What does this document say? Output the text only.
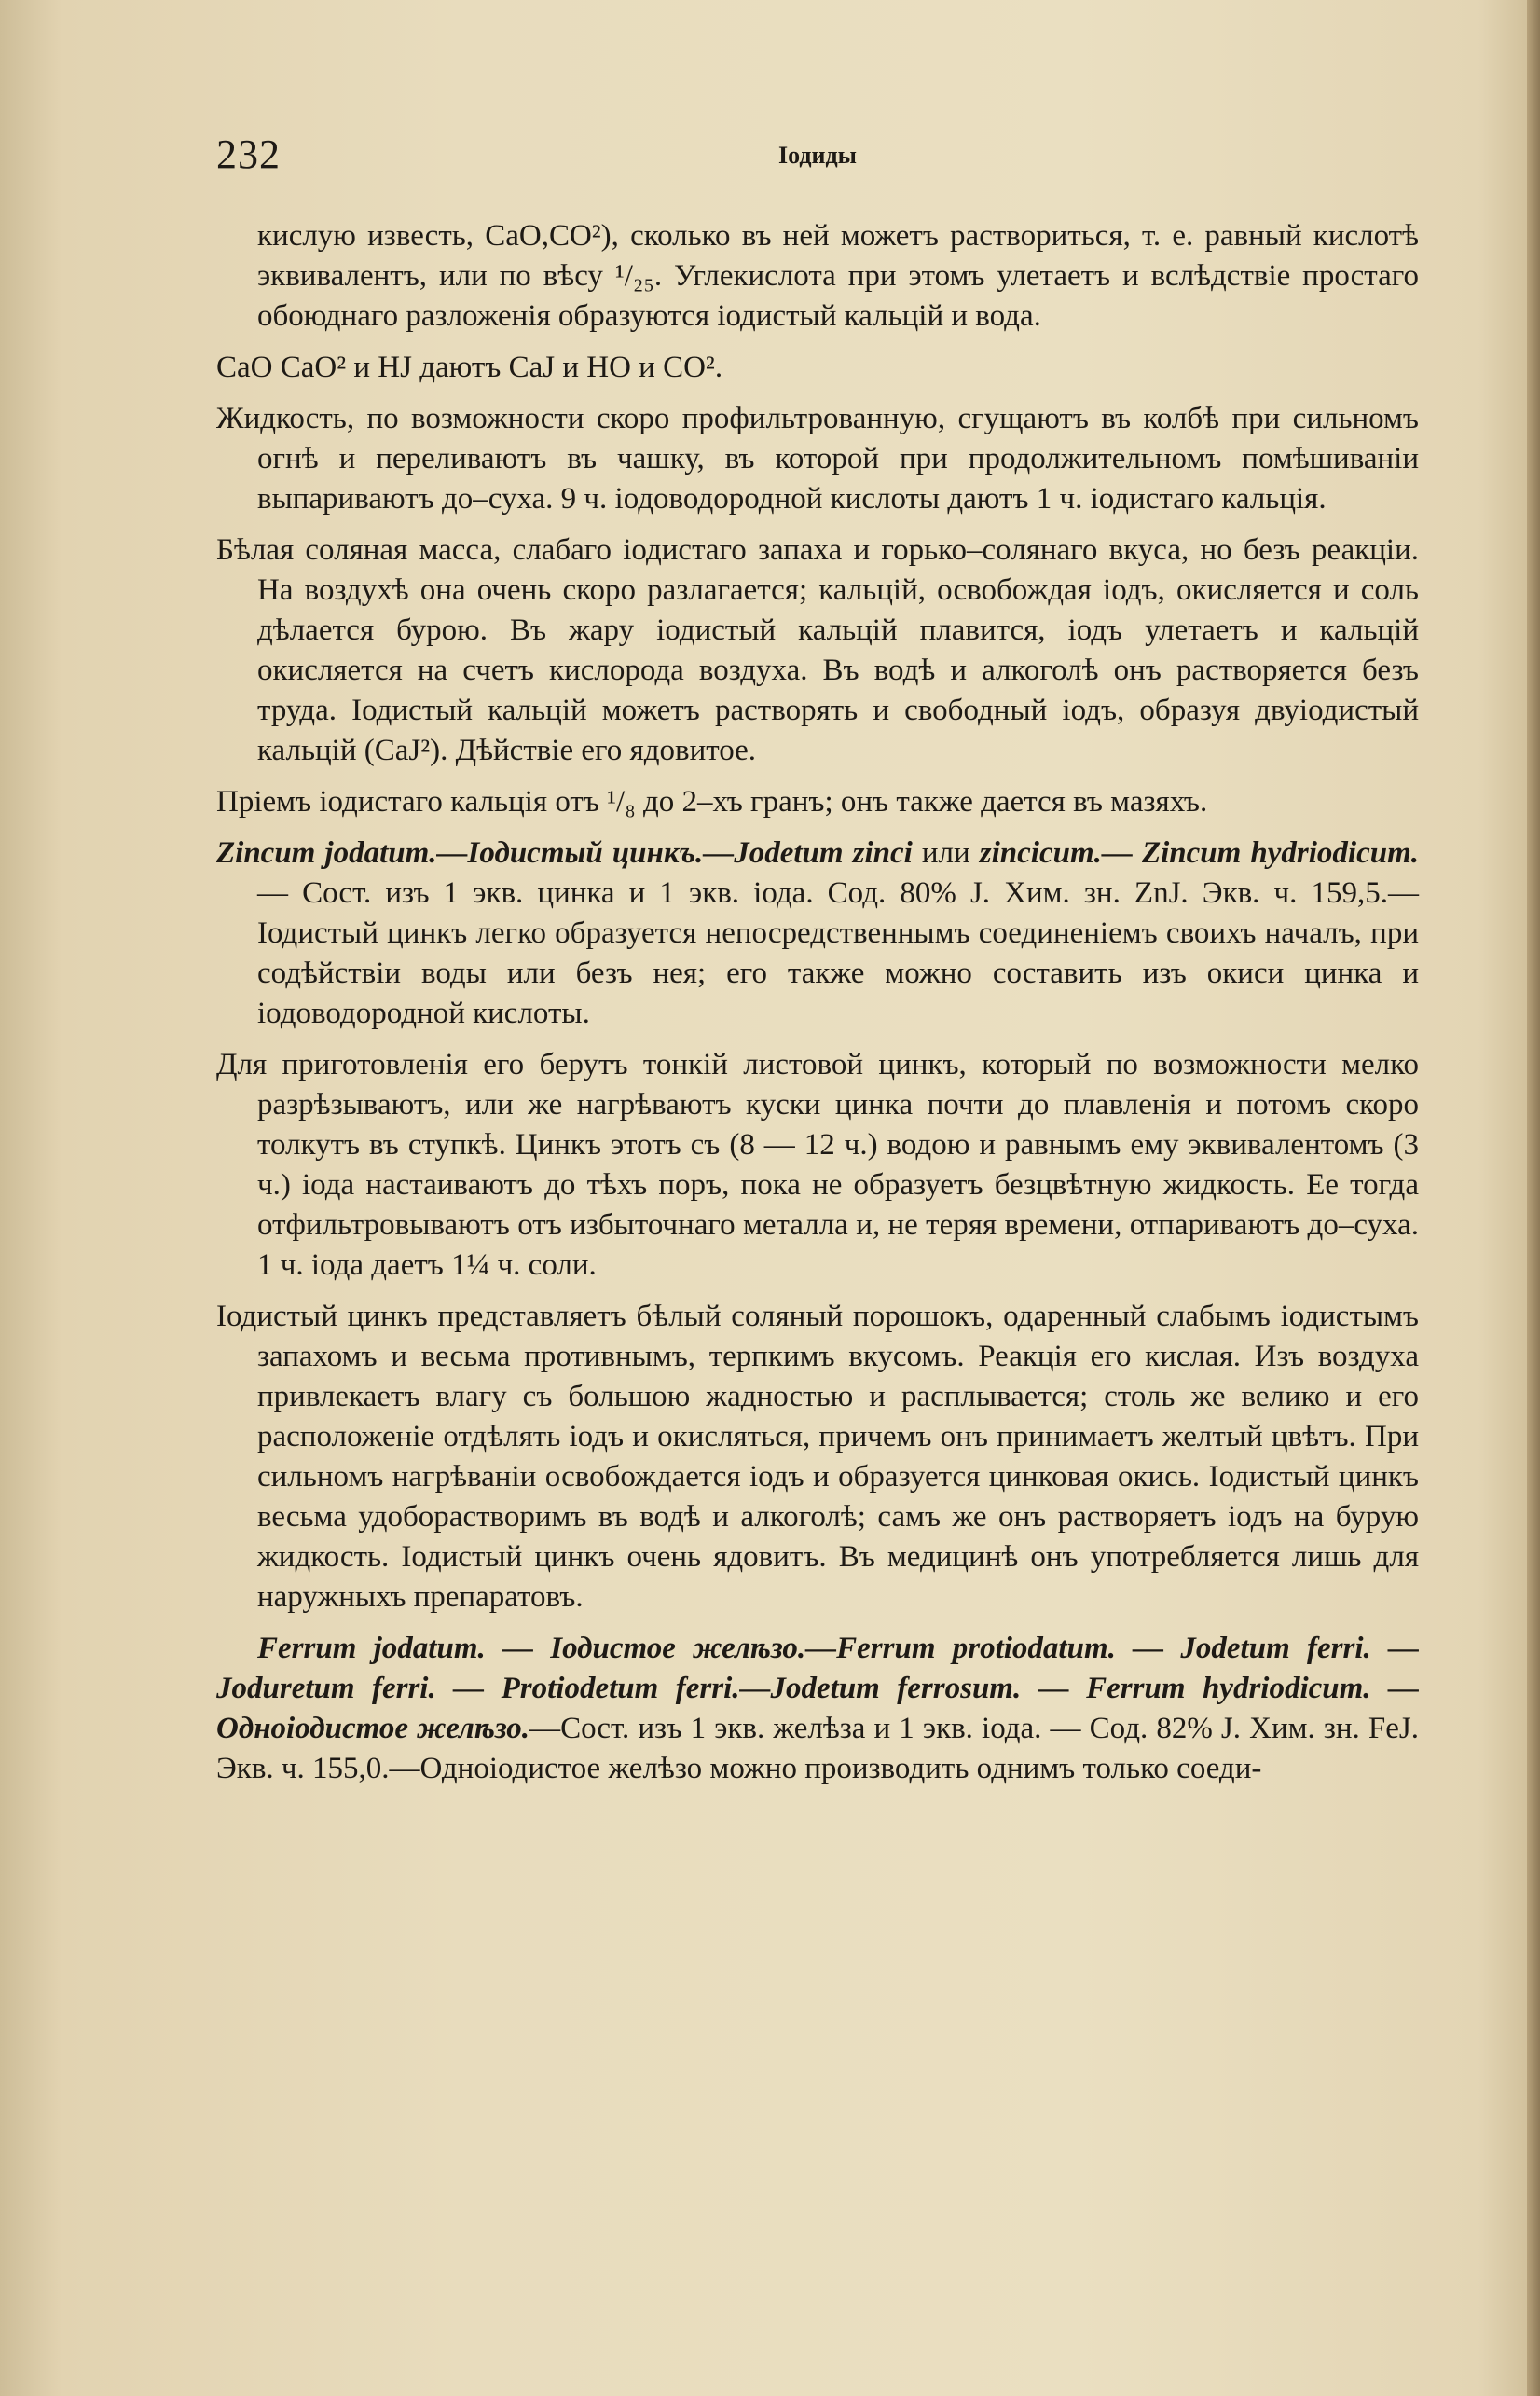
232	Іодиды

кислую известь, CaO,CO²), сколько въ ней можетъ раствориться, т. е. равный кислотѣ эквивалентъ, или по вѣсу ¹/₂₅. Углекислота при этомъ улетаетъ и вслѣдствіе простаго обоюднаго разложенія образуются іодистый кальцій и вода.

CaO CaO² и HJ даютъ CaJ и HO и CO².

Жидкость, по возможности скоро профильтрованную, сгущаютъ въ колбѣ при сильномъ огнѣ и переливаютъ въ чашку, въ которой при продолжительномъ помѣшиваніи выпариваютъ до–суха. 9 ч. іодоводородной кислоты даютъ 1 ч. іодистаго кальція.

Бѣлая соляная масса, слабаго іодистаго запаха и горько–солянаго вкуса, но безъ реакціи. На воздухѣ она очень скоро разлагается; кальцій, освобождая іодъ, окисляется и соль дѣлается бурою. Въ жару іодистый кальцій плавится, іодъ улетаетъ и кальцій окисляется на счетъ кислорода воздуха. Въ водѣ и алкоголѣ онъ растворяется безъ труда. Іодистый кальцій можетъ растворять и свободный іодъ, образуя двуіодистый кальцій (CaJ²). Дѣйствіе его ядовитое.

Пріемъ іодистаго кальція отъ ¹/₈ до 2–хъ гранъ; онъ также дается въ мазяхъ.

Zincum jodatum.—Іодистый цинкъ.—Jodetum zinci или zincicum.— Zincum hydriodicum. — Сост. изъ 1 экв. цинка и 1 экв. іода. Сод. 80% J. Хим. зн. ZnJ. Экв. ч. 159,5.—Іодистый цинкъ легко образуется непосредственнымъ соединеніемъ своихъ началъ, при содѣйствіи воды или безъ нея; его также можно составить изъ окиси цинка и іодоводородной кислоты.

Для приготовленія его берутъ тонкій листовой цинкъ, который по возможности мелко разрѣзываютъ, или же нагрѣваютъ куски цинка почти до плавленія и потомъ скоро толкутъ въ ступкѣ. Цинкъ этотъ съ (8 — 12 ч.) водою и равнымъ ему эквивалентомъ (3 ч.) іода настаиваютъ до тѣхъ поръ, пока не образуетъ безцвѣтную жидкость. Ее тогда отфильтровываютъ отъ избыточнаго металла и, не теряя времени, отпариваютъ до–суха. 1 ч. іода даетъ 1¼ ч. соли.

Іодистый цинкъ представляетъ бѣлый соляный порошокъ, одаренный слабымъ іодистымъ запахомъ и весьма противнымъ, терпкимъ вкусомъ. Реакція его кислая. Изъ воздуха привлекаетъ влагу съ большою жадностью и расплывается; столь же велико и его расположеніе отдѣлять іодъ и окисляться, причемъ онъ принимаетъ желтый цвѣтъ. При сильномъ нагрѣваніи освобождается іодъ и образуется цинковая окись. Іодистый цинкъ весьма удоборастворимъ въ водѣ и алкоголѣ; самъ же онъ растворяетъ іодъ на бурую жидкость. Іодистый цинкъ очень ядовитъ. Въ медицинѣ онъ употребляется лишь для наружныхъ препаратовъ.

Ferrum jodatum. — Іодистое желѣзо.—Ferrum protiodatum. — Jodetum ferri. — Joduretum ferri. — Protiodetum ferri.—Jodetum ferrosum. — Ferrum hydriodicum. — Одноіодистое желѣзо.—Сост. изъ 1 экв. желѣза и 1 экв. іода. — Сод. 82% J. Хим. зн. FeJ. Экв. ч. 155,0.—Одноіодистое желѣзо можно производить однимъ только соеди-
